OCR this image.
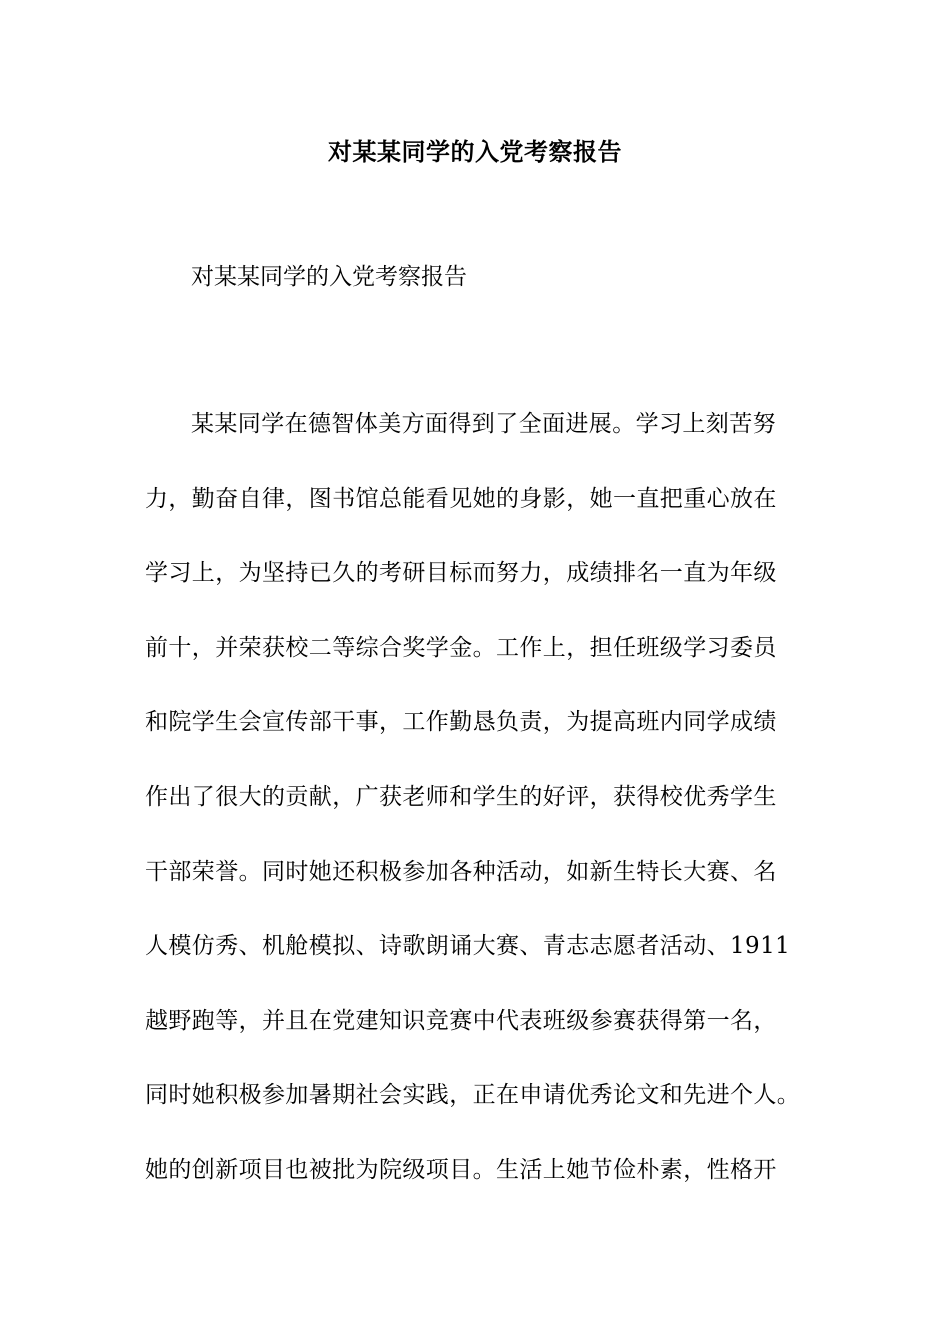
对某某同学的入党考察报告
对某某同学的入党考察报告
某某同学在德智体美方面得到了全面进展。学习上刻苦努
力，勤奋自律，图书馆总能看见她的身影，她一直把重心放在
学习上，为坚持已久的考研目标而努力，成绩排名一直为年级
前十，并荣获校二等综合奖学金。工作上，担任班级学习委员
和院学生会宣传部干事，工作勤恳负责，为提高班内同学成绩
作出了很大的贡献，广获老师和学生的好评，获得校优秀学生
干部荣誉。同时她还积极参加各种活动，如新生特长大赛、名
人模仿秀、机舱模拟、诗歌朗诵大赛、青志志愿者活动、1911
越野跑等，并且在党建知识竞赛中代表班级参赛获得第一名，
同时她积极参加暑期社会实践，正在申请优秀论文和先进个人。
她的创新项目也被批为院级项目。生活上她节俭朴素，性格开
